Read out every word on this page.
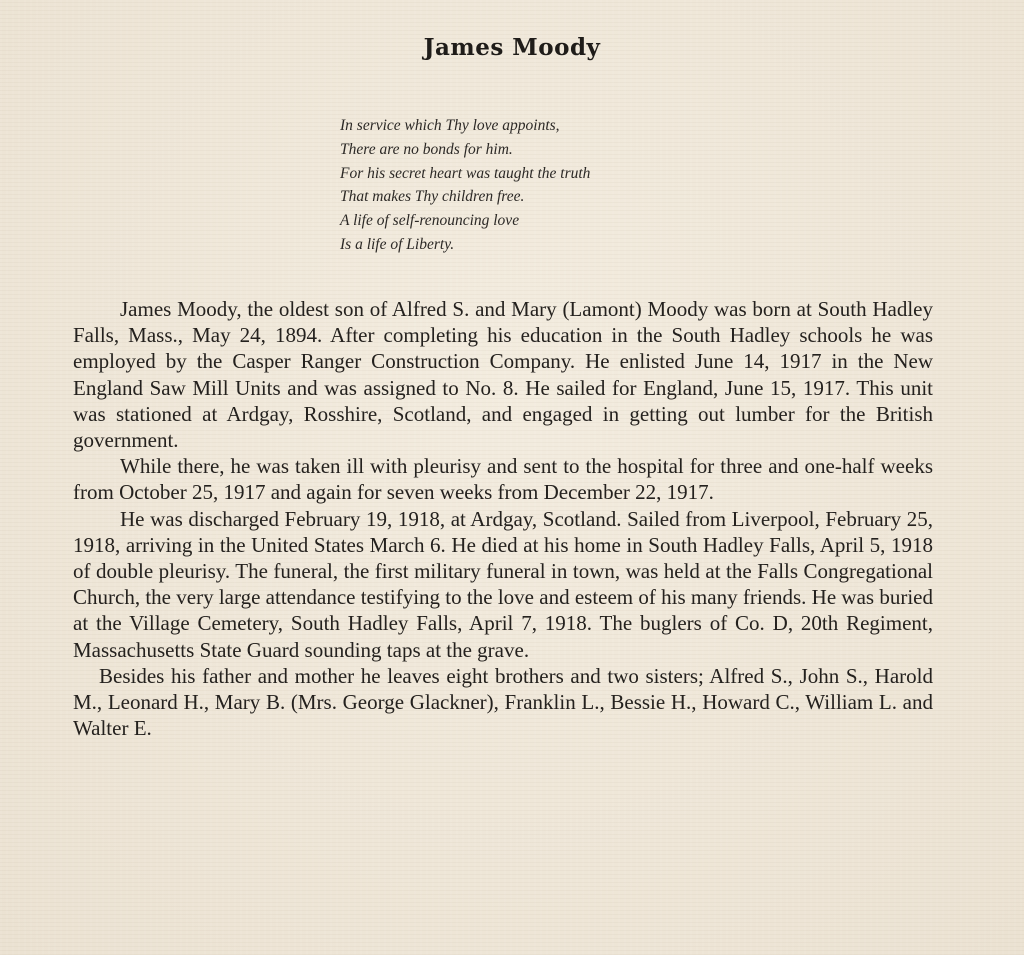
James Moody
In service which Thy love appoints,
There are no bonds for him.
For his secret heart was taught the truth
That makes Thy children free.
A life of self-renouncing love
Is a life of Liberty.

James Moody, the oldest son of Alfred S. and Mary (Lamont) Moody was born at South Hadley Falls, Mass., May 24, 1894. After completing his education in the South Hadley schools he was employed by the Casper Ranger Construction Company. He enlisted June 14, 1917 in the New England Saw Mill Units and was assigned to No. 8. He sailed for England, June 15, 1917. This unit was stationed at Ardgay, Rosshire, Scotland, and engaged in getting out lumber for the British government.

While there, he was taken ill with pleurisy and sent to the hospital for three and one-half weeks from October 25, 1917 and again for seven weeks from December 22, 1917.

He was discharged February 19, 1918, at Ardgay, Scotland. Sailed from Liverpool, February 25, 1918, arriving in the United States March 6. He died at his home in South Hadley Falls, April 5, 1918 of double pleurisy. The funeral, the first military funeral in town, was held at the Falls Congregational Church, the very large attendance testifying to the love and esteem of his many friends. He was buried at the Village Cemetery, South Hadley Falls, April 7, 1918. The buglers of Co. D, 20th Regiment, Massachusetts State Guard sounding taps at the grave.

Besides his father and mother he leaves eight brothers and two sisters; Alfred S., John S., Harold M., Leonard H., Mary B. (Mrs. George Glackner), Franklin L., Bessie H., Howard C., William L. and Walter E.
